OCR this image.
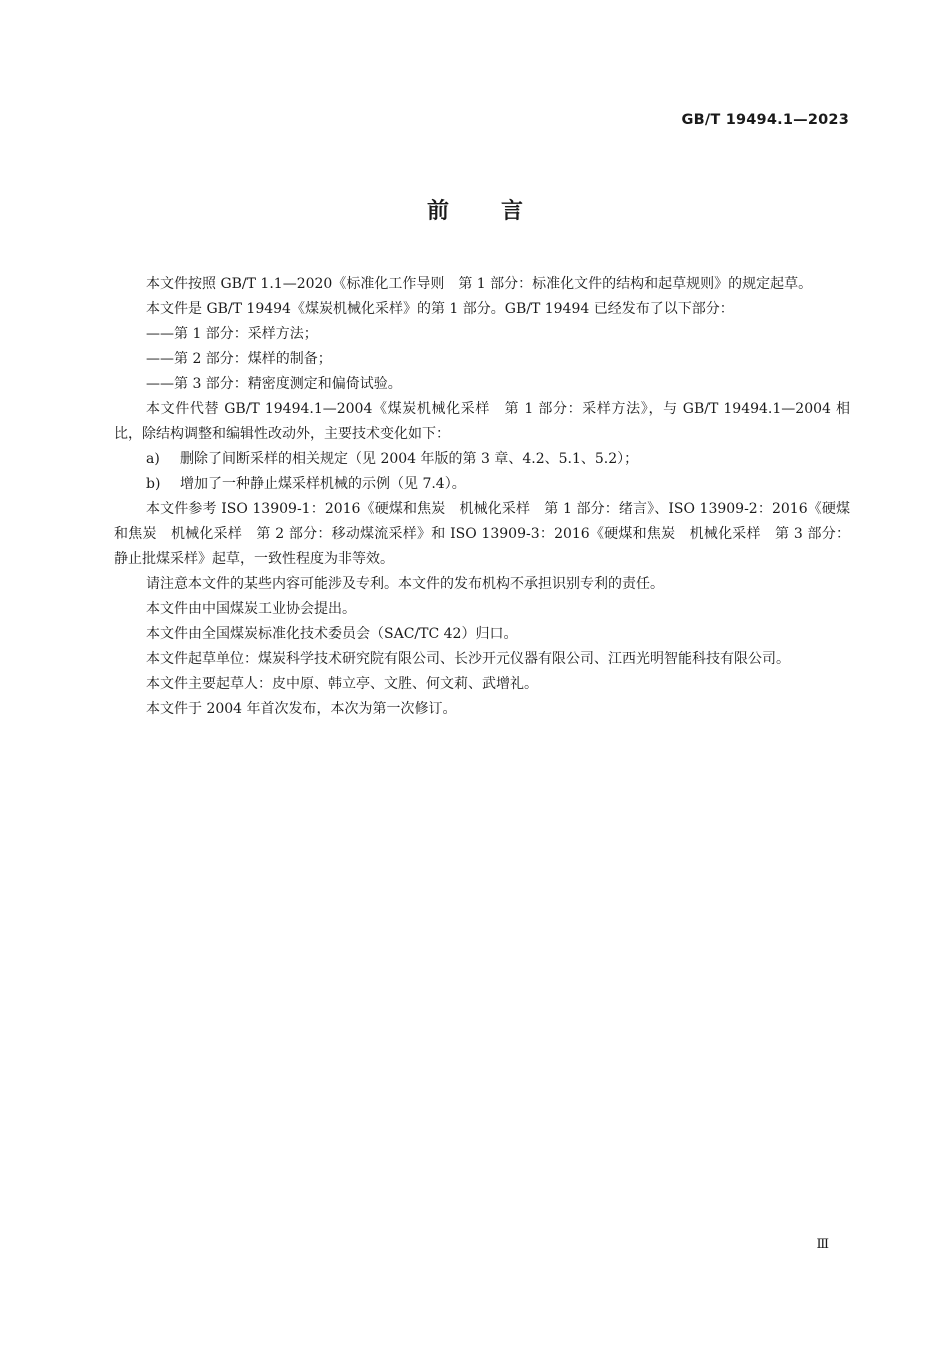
GB/T 19494.1—2023
前 言

本文件按照 GB/T 1.1—2020《标准化工作导则　第 1 部分：标准化文件的结构和起草规则》的规定起草。

本文件是 GB/T 19494《煤炭机械化采样》的第 1 部分。GB/T 19494 已经发布了以下部分：

——第 1 部分：采样方法；

——第 2 部分：煤样的制备；

——第 3 部分：精密度测定和偏倚试验。

本文件代替 GB/T 19494.1—2004《煤炭机械化采样　第 1 部分：采样方法》，与 GB/T 19494.1—2004 相比，除结构调整和编辑性改动外，主要技术变化如下：

a) 删除了间断采样的相关规定（见 2004 年版的第 3 章、4.2、5.1、5.2）；

b) 增加了一种静止煤采样机械的示例（见 7.4）。

本文件参考 ISO 13909-1：2016《硬煤和焦炭　机械化采样　第 1 部分：绪言》、ISO 13909-2：2016《硬煤和焦炭　机械化采样　第 2 部分：移动煤流采样》和 ISO 13909-3：2016《硬煤和焦炭　机械化采样　第 3 部分：静止批煤采样》起草，一致性程度为非等效。

请注意本文件的某些内容可能涉及专利。本文件的发布机构不承担识别专利的责任。

本文件由中国煤炭工业协会提出。

本文件由全国煤炭标准化技术委员会（SAC/TC 42）归口。

本文件起草单位：煤炭科学技术研究院有限公司、长沙开元仪器有限公司、江西光明智能科技有限公司。

本文件主要起草人：皮中原、韩立亭、文胜、何文莉、武增礼。

本文件于 2004 年首次发布，本次为第一次修订。

Ⅲ
